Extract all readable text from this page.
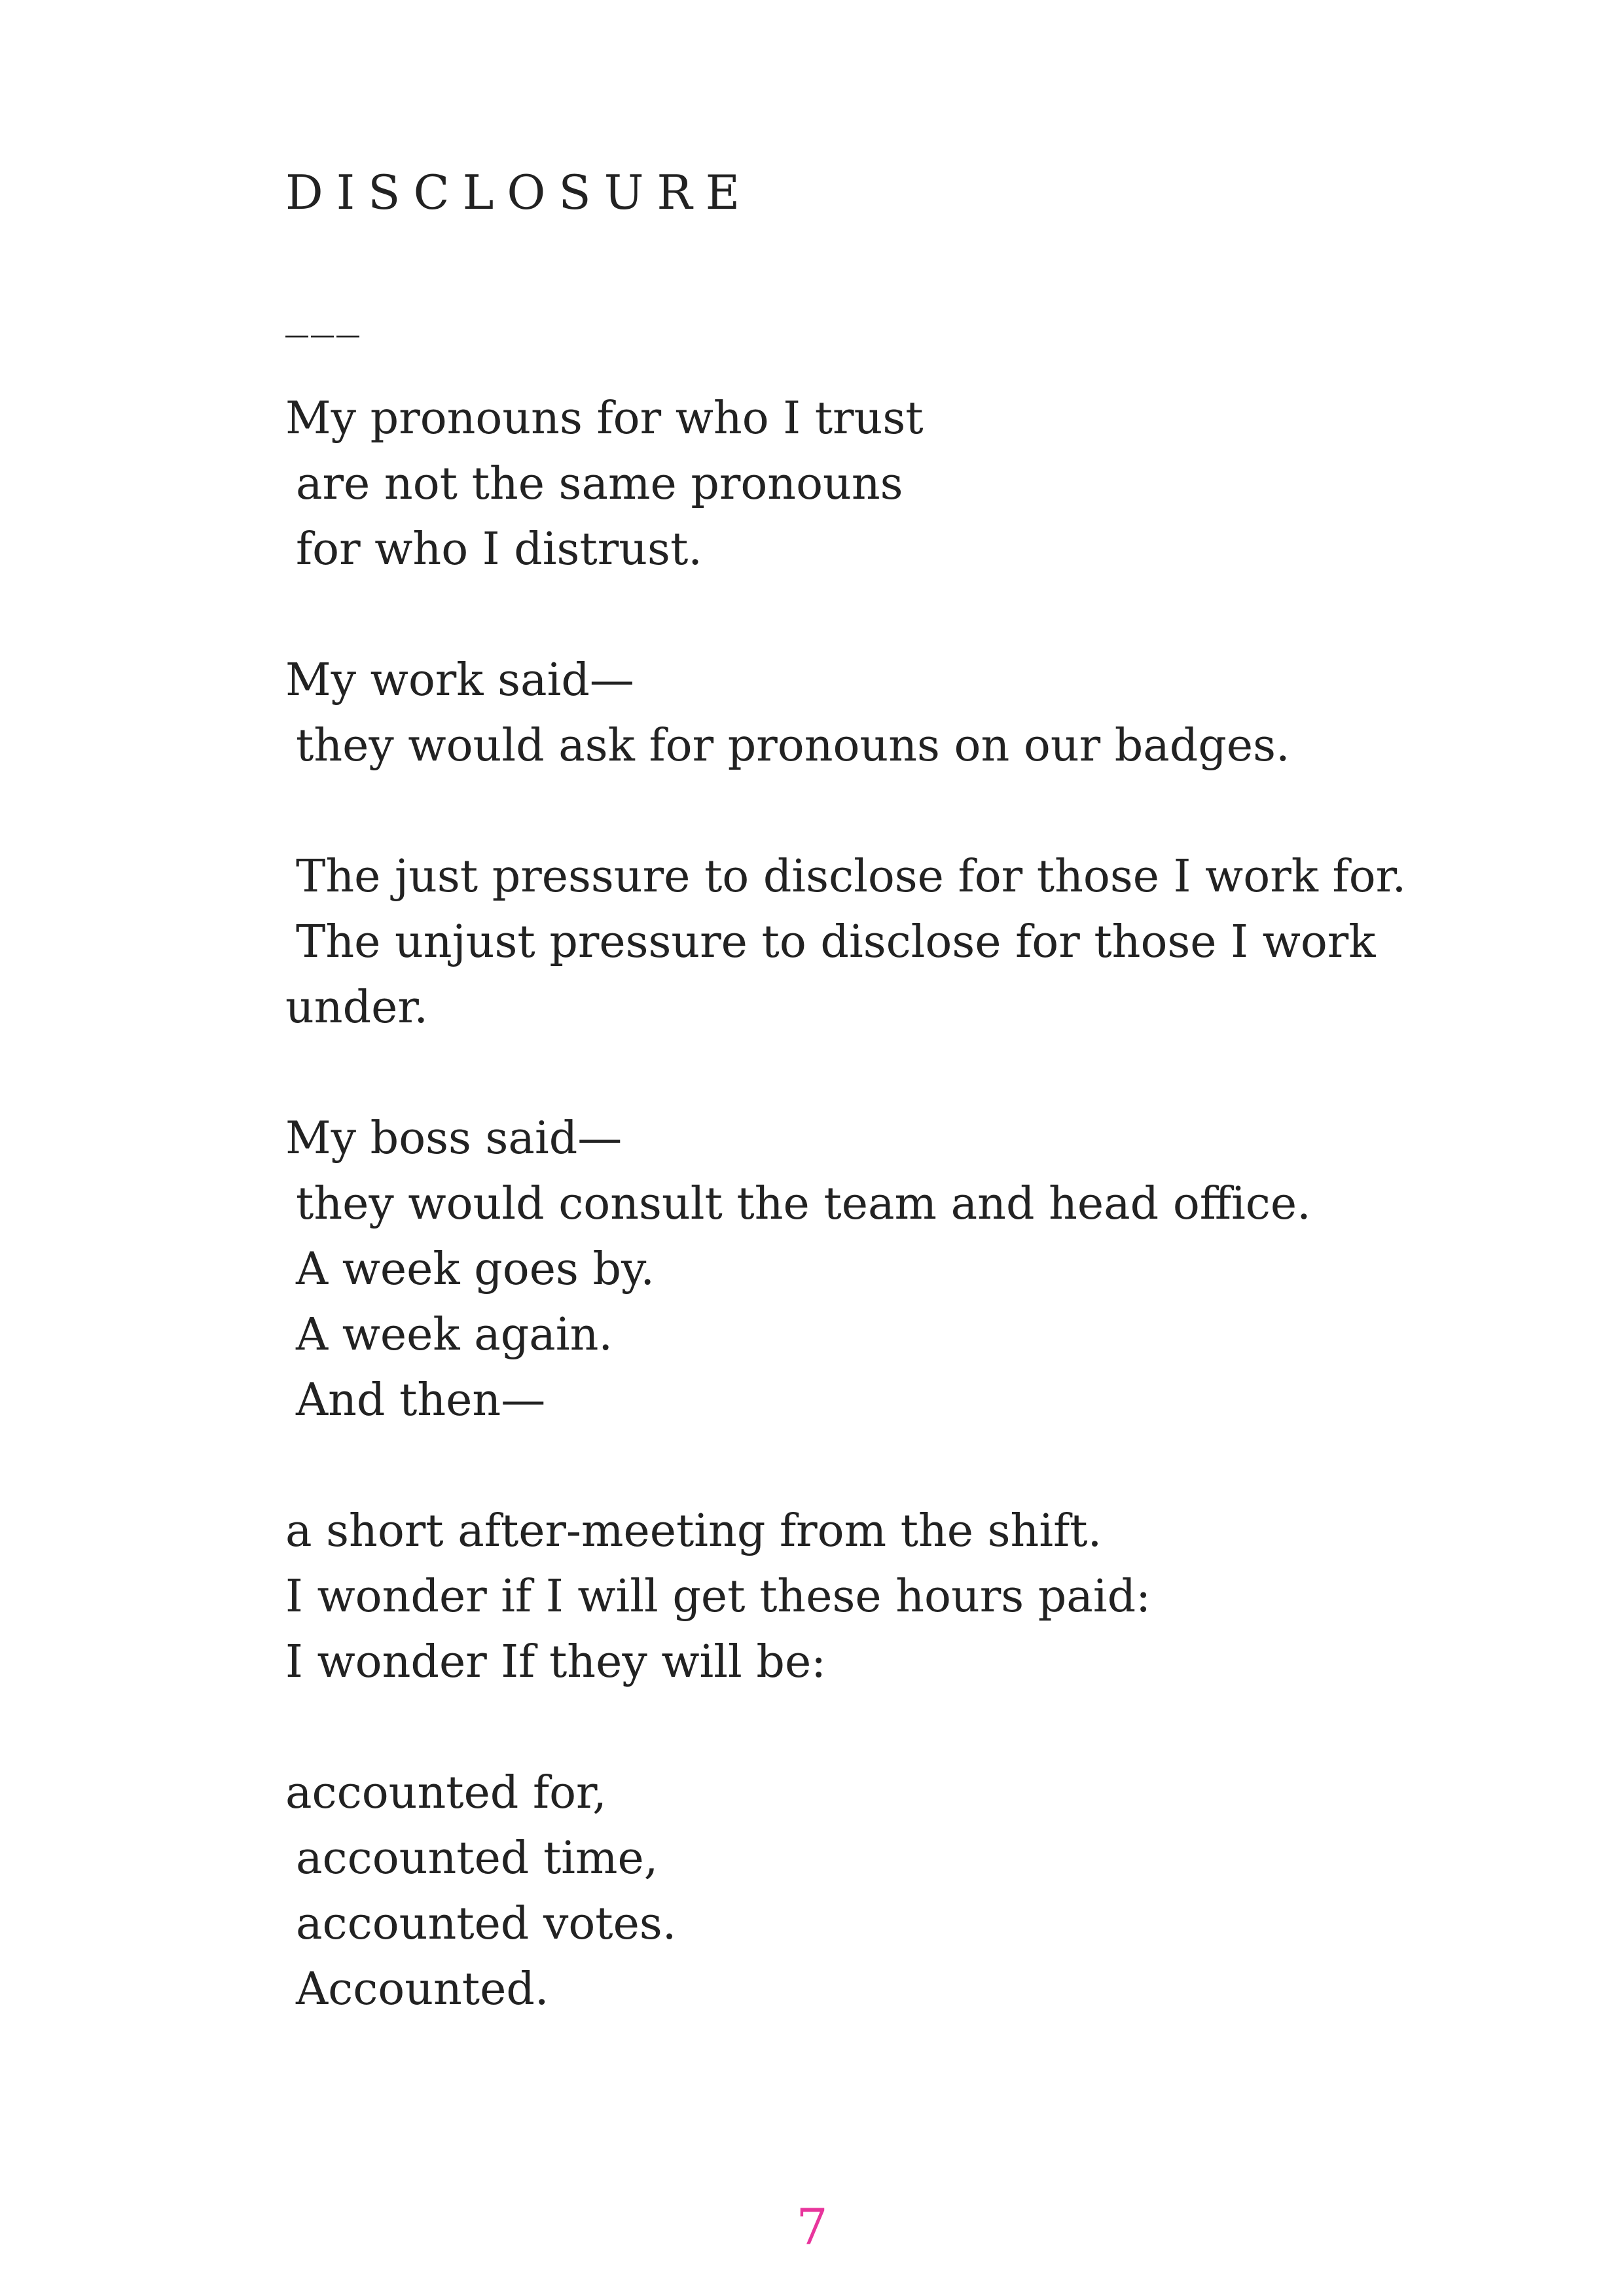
DISCLOSURE
___
My pronouns for who I trust
are not the same pronouns
for who I distrust.
My work said—
they would ask for pronouns on our badges.
The just pressure to disclose for those I work for.
The unjust pressure to disclose for those I work
under.
My boss said—
they would consult the team and head office.
A week goes by.
A week again.
And then—
a short after-meeting from the shift.
I wonder if I will get these hours paid:
I wonder If they will be:
accounted for,
accounted time,
accounted votes.
Accounted.
7
